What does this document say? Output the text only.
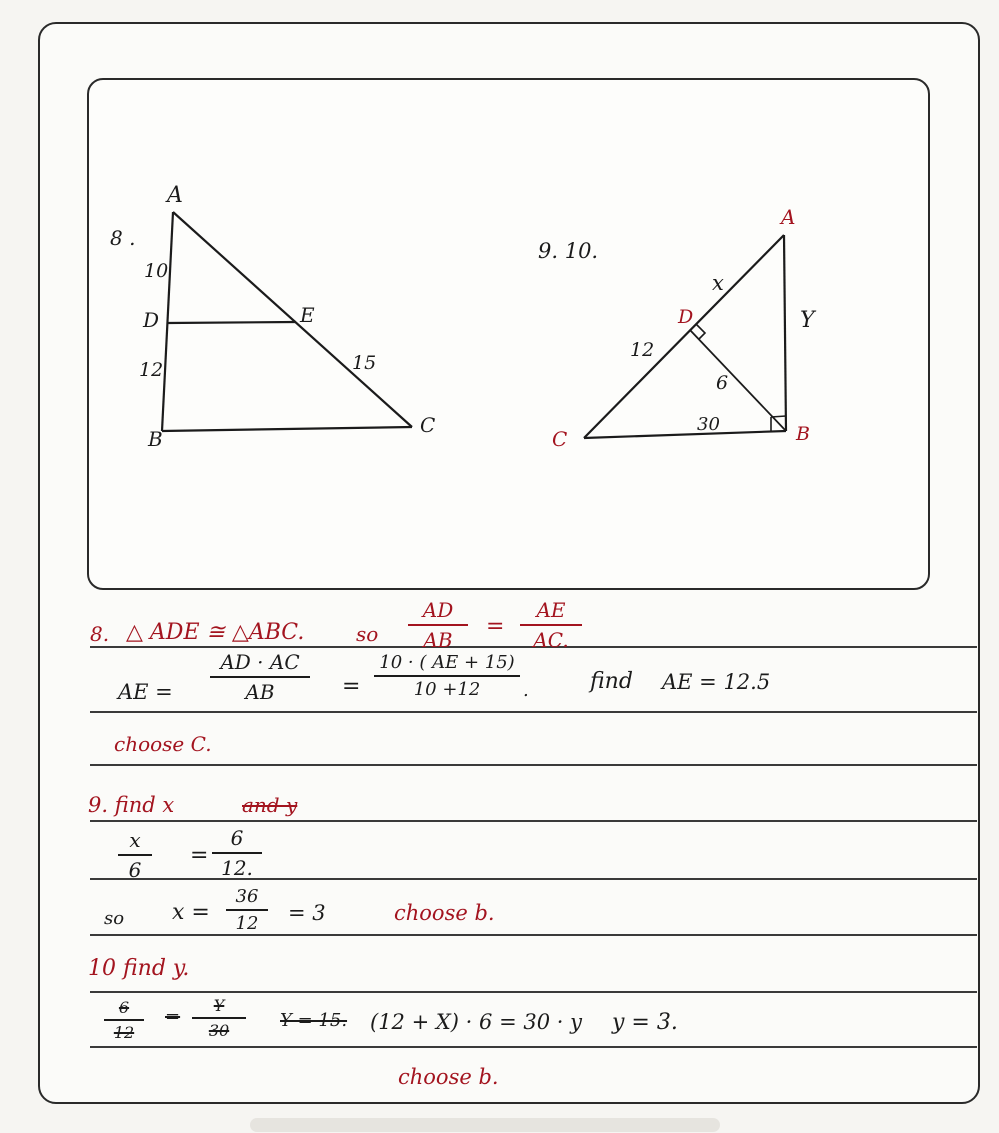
8 .
A
D	E
B
C
10
12	15
9. 10.
A
D
B
C
x
Y
12
6
30
8. △ ADE ≅ △ABC.	so
AD
AB
=
AE
AC.
AE =
AD · AC
AB	=
10 · ( AE + 15)
10 +12	.	find AE = 12.5
choose C.
9. find x	and y
x
6
=
6
12.
so x =
36
12	= 3	choose b.
10 find y.
6
12
=
Y
30	Y = 15. (12 + X) · 6 = 30 · y y = 3.
choose b.
